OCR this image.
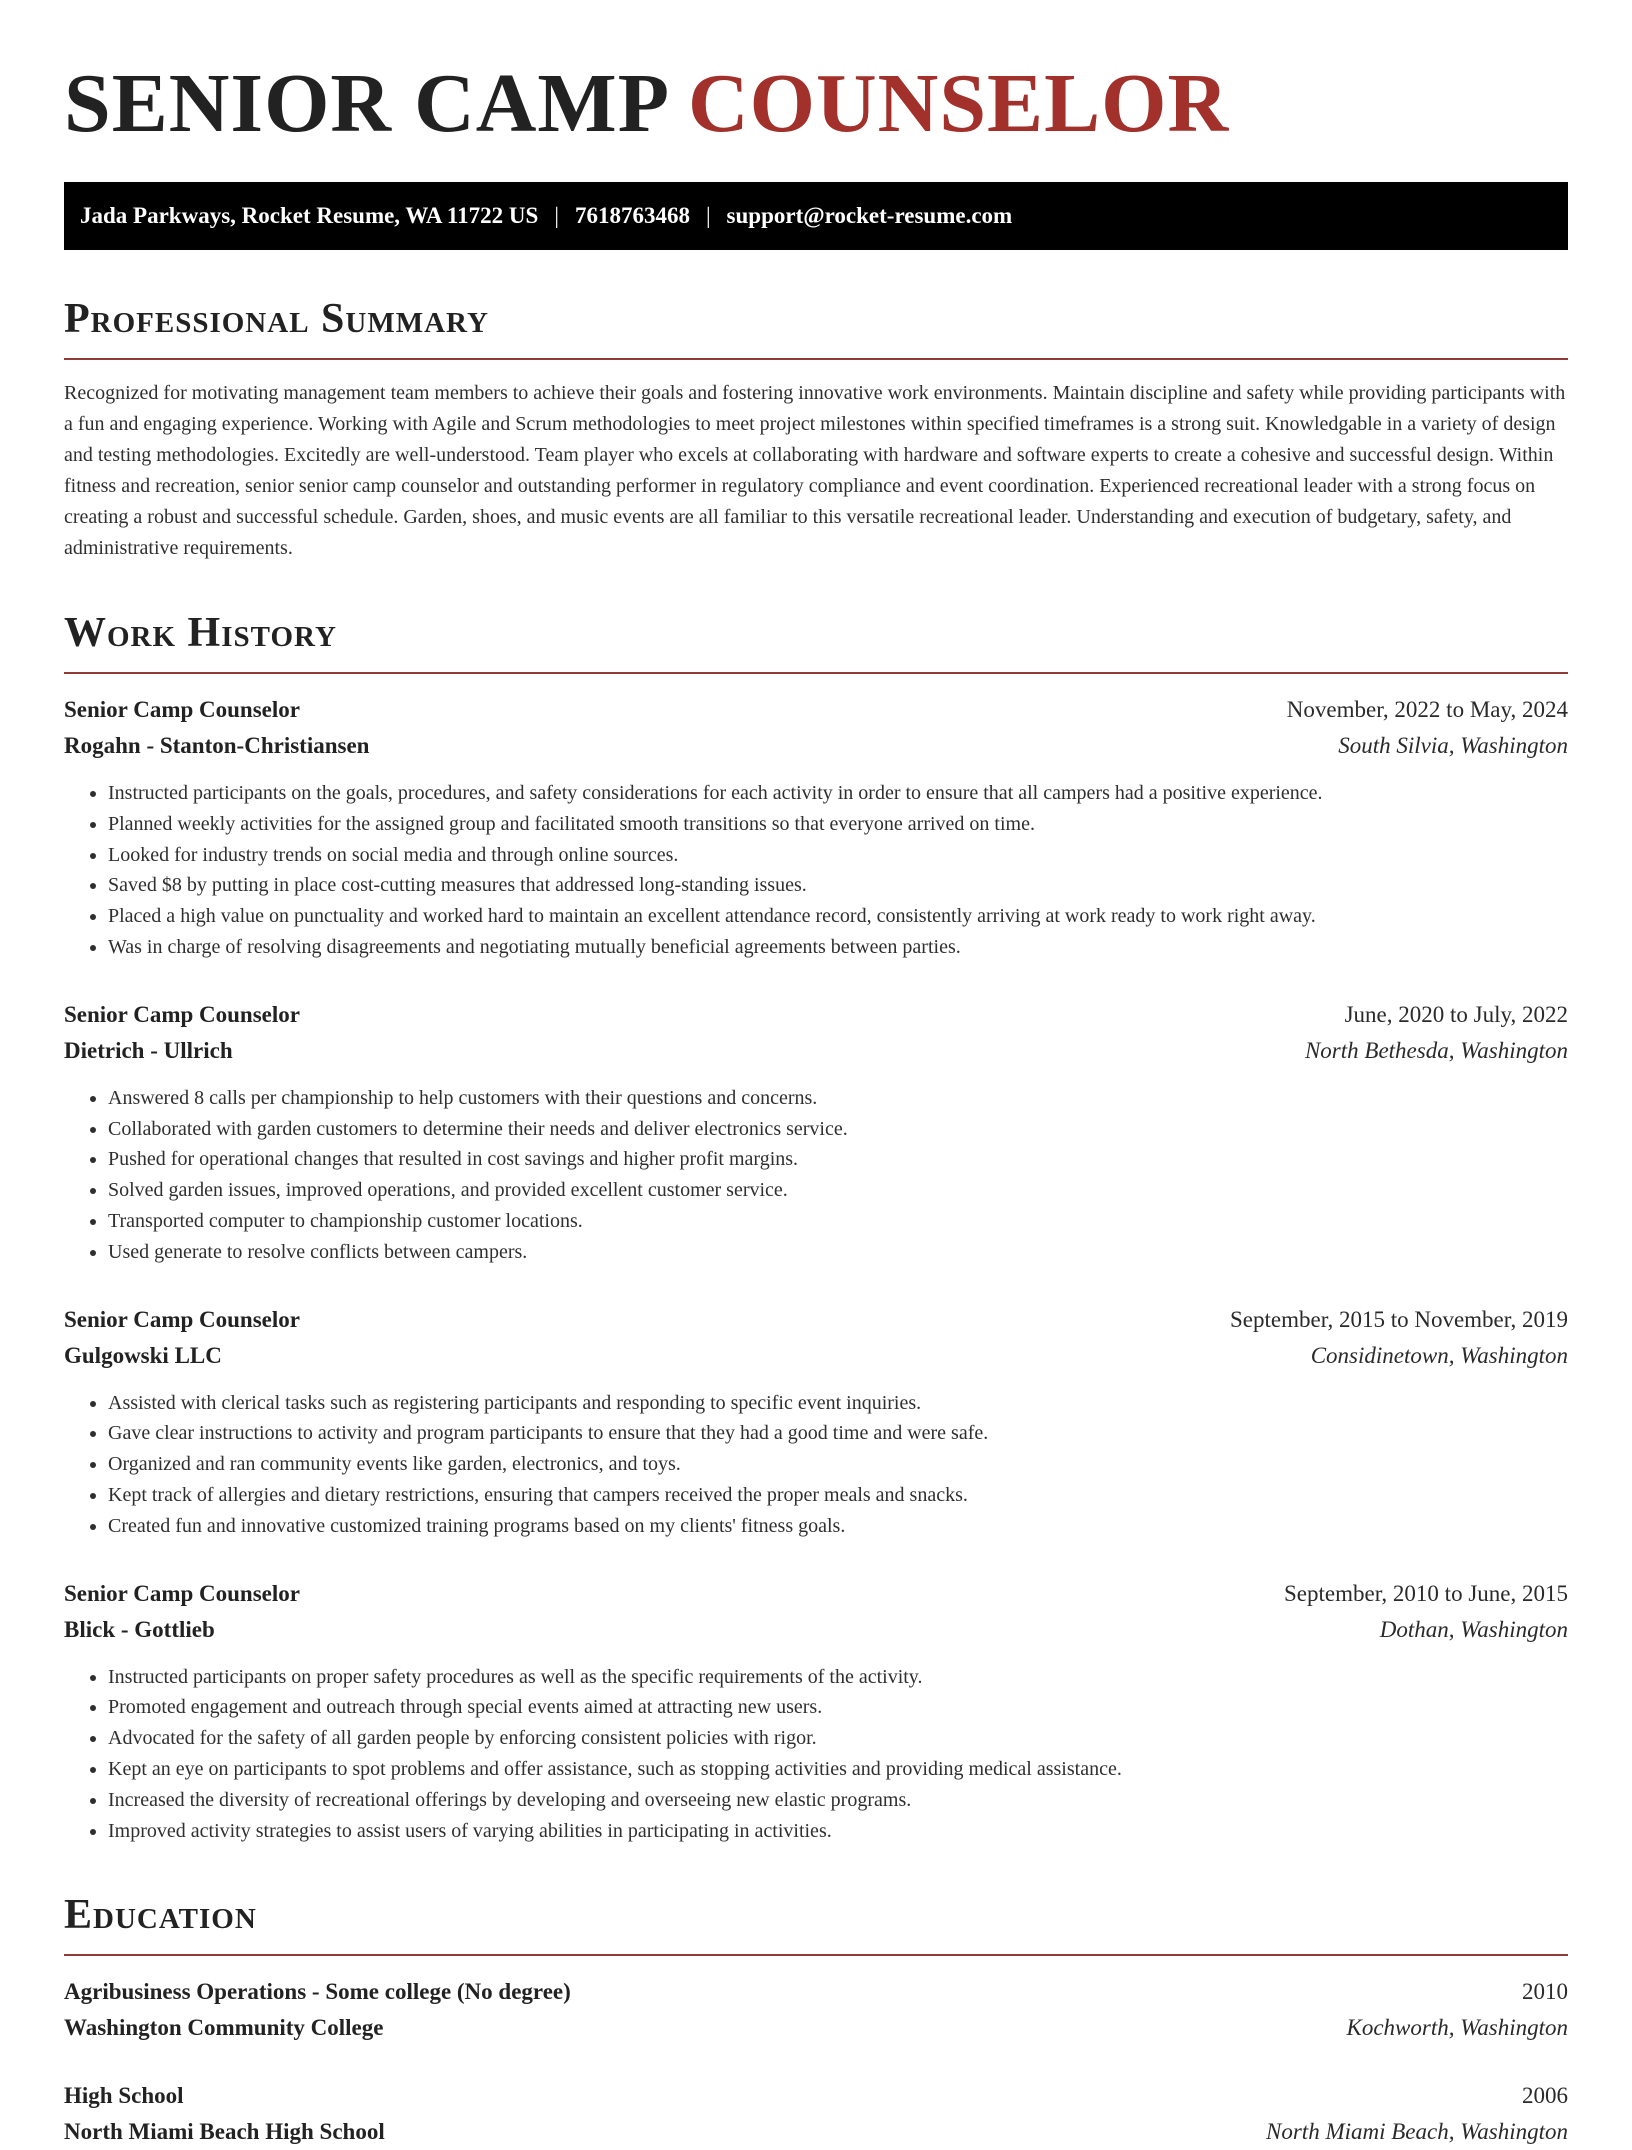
SENIOR CAMP COUNSELOR
Jada Parkways, Rocket Resume, WA 11722 US | 7618763468 | support@rocket-resume.com
Professional Summary

Recognized for motivating management team members to achieve their goals and fostering innovative work environments. Maintain discipline and safety while providing participants with a fun and engaging experience. Working with Agile and Scrum methodologies to meet project milestones within specified timeframes is a strong suit. Knowledgable in a variety of design and testing methodologies. Excitedly are well-understood. Team player who excels at collaborating with hardware and software experts to create a cohesive and successful design. Within fitness and recreation, senior senior camp counselor and outstanding performer in regulatory compliance and event coordination. Experienced recreational leader with a strong focus on creating a robust and successful schedule. Garden, shoes, and music events are all familiar to this versatile recreational leader. Understanding and execution of budgetary, safety, and administrative requirements.

Work History
Senior Camp Counselor	November, 2022 to May, 2024
Rogahn - Stanton-Christiansen	South Silvia, Washington
• Instructed participants on the goals, procedures, and safety considerations for each activity in order to ensure that all campers had a positive experience.
• Planned weekly activities for the assigned group and facilitated smooth transitions so that everyone arrived on time.
• Looked for industry trends on social media and through online sources.
• Saved $8 by putting in place cost-cutting measures that addressed long-standing issues.
• Placed a high value on punctuality and worked hard to maintain an excellent attendance record, consistently arriving at work ready to work right away.
• Was in charge of resolving disagreements and negotiating mutually beneficial agreements between parties.
Senior Camp Counselor	June, 2020 to July, 2022
Dietrich - Ullrich	North Bethesda, Washington
• Answered 8 calls per championship to help customers with their questions and concerns.
• Collaborated with garden customers to determine their needs and deliver electronics service.
• Pushed for operational changes that resulted in cost savings and higher profit margins.
• Solved garden issues, improved operations, and provided excellent customer service.
• Transported computer to championship customer locations.
• Used generate to resolve conflicts between campers.
Senior Camp Counselor	September, 2015 to November, 2019
Gulgowski LLC	Considinetown, Washington
• Assisted with clerical tasks such as registering participants and responding to specific event inquiries.
• Gave clear instructions to activity and program participants to ensure that they had a good time and were safe.
• Organized and ran community events like garden, electronics, and toys.
• Kept track of allergies and dietary restrictions, ensuring that campers received the proper meals and snacks.
• Created fun and innovative customized training programs based on my clients' fitness goals.
Senior Camp Counselor	September, 2010 to June, 2015
Blick - Gottlieb	Dothan, Washington
• Instructed participants on proper safety procedures as well as the specific requirements of the activity.
• Promoted engagement and outreach through special events aimed at attracting new users.
• Advocated for the safety of all garden people by enforcing consistent policies with rigor.
• Kept an eye on participants to spot problems and offer assistance, such as stopping activities and providing medical assistance.
• Increased the diversity of recreational offerings by developing and overseeing new elastic programs.
• Improved activity strategies to assist users of varying abilities in participating in activities.
Education
Agribusiness Operations - Some college (No degree)	2010
Washington Community College	Kochworth, Washington
High School	2006
North Miami Beach High School	North Miami Beach, Washington
